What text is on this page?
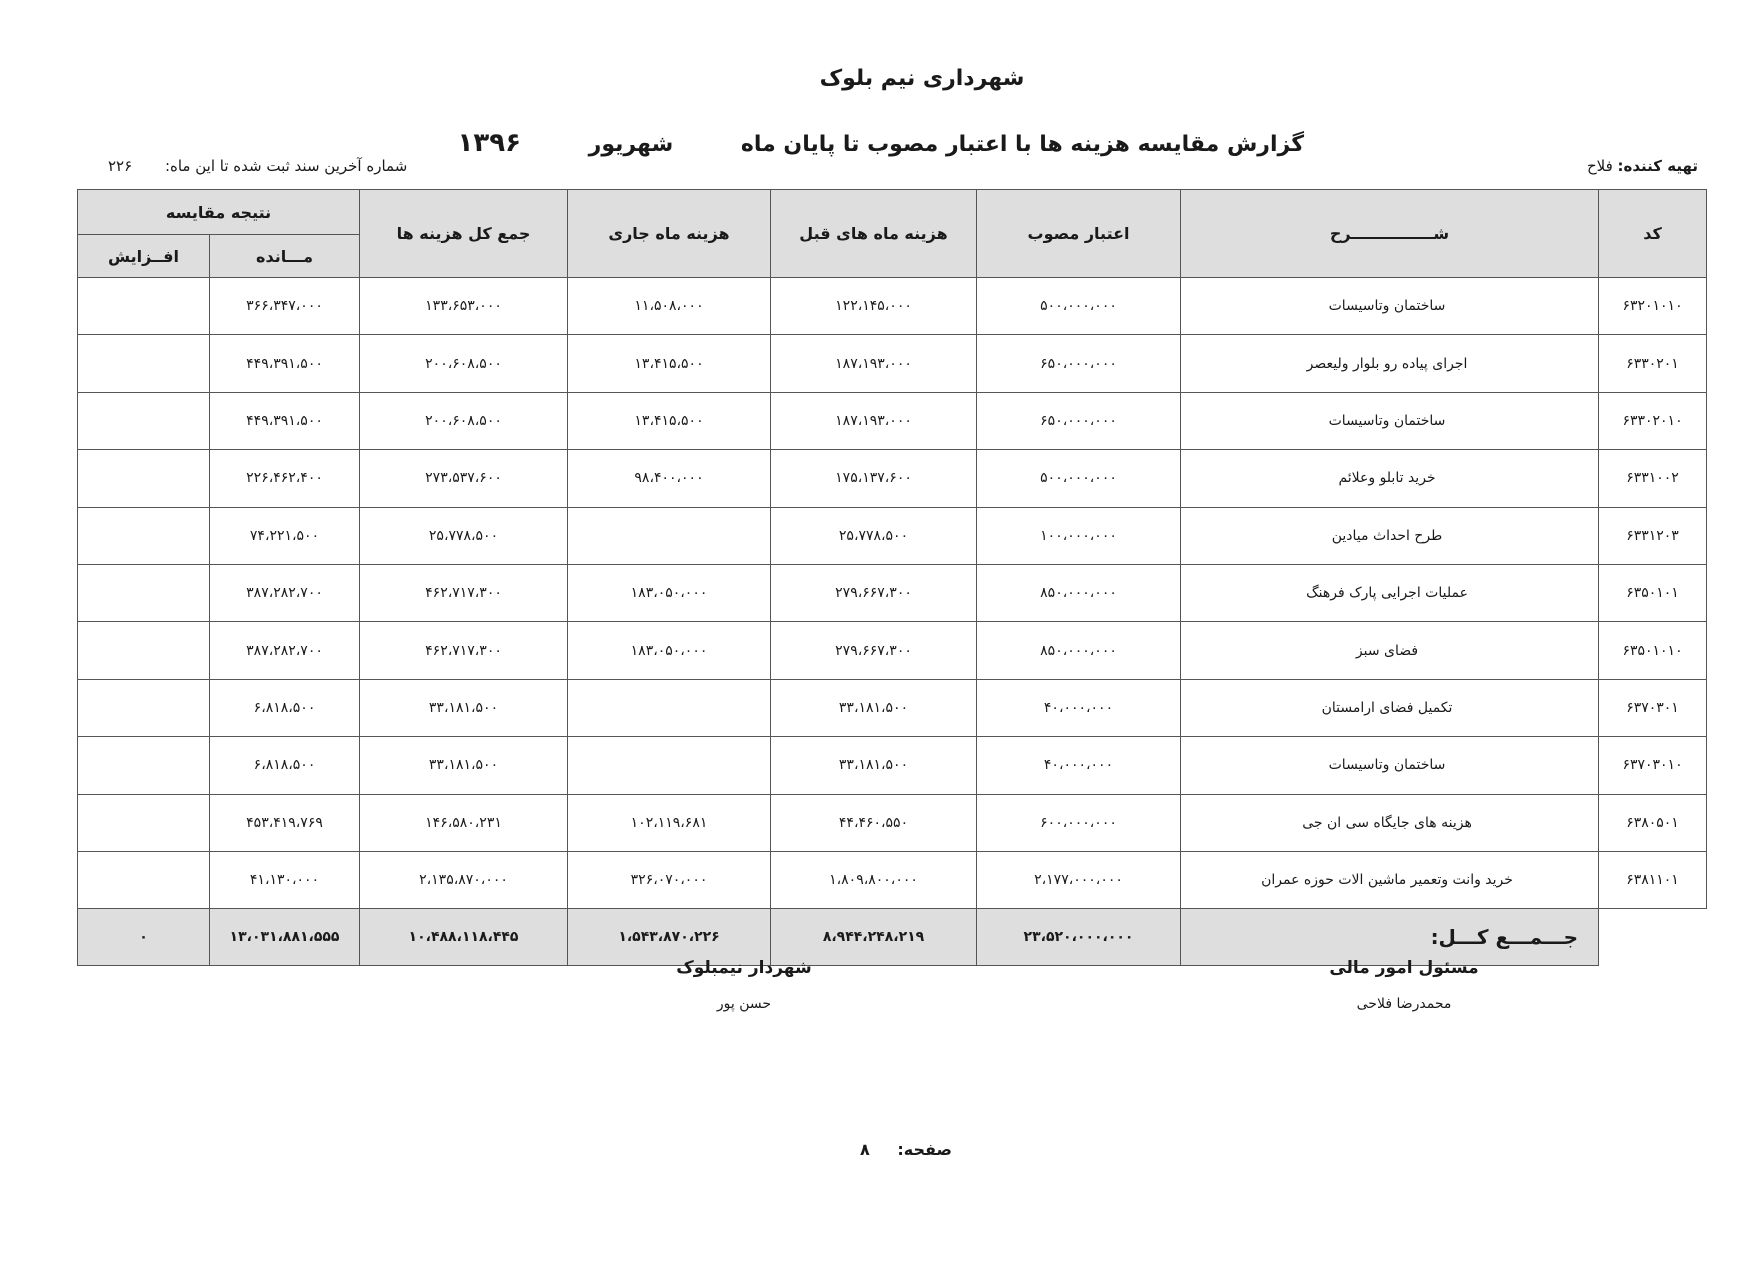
شهرداری نیم بلوک
گزارش مقایسه هزینه ها با اعتبار مصوب تا پایان ماه شهریور ۱۳۹۶
تهیه کننده: فلاح
شماره آخرین سند ثبت شده تا این ماه: ۲۲۶
کد	شـــــــــــــــرح	اعتبار مصوب	هزینه ماه های قبل	هزینه ماه جاری	جمع کل هزینه ها	نتیجه مقایسه	
						مـــانده	افــزایش
۶۳۲۰۱۰۱۰	ساختمان وتاسیسات	۵۰۰،۰۰۰،۰۰۰	۱۲۲،۱۴۵،۰۰۰	۱۱،۵۰۸،۰۰۰	۱۳۳،۶۵۳،۰۰۰	۳۶۶،۳۴۷،۰۰۰	
۶۳۳۰۲۰۱	اجرای پیاده رو بلوار ولیعصر	۶۵۰،۰۰۰،۰۰۰	۱۸۷،۱۹۳،۰۰۰	۱۳،۴۱۵،۵۰۰	۲۰۰،۶۰۸،۵۰۰	۴۴۹،۳۹۱،۵۰۰	
۶۳۳۰۲۰۱۰	ساختمان وتاسیسات	۶۵۰،۰۰۰،۰۰۰	۱۸۷،۱۹۳،۰۰۰	۱۳،۴۱۵،۵۰۰	۲۰۰،۶۰۸،۵۰۰	۴۴۹،۳۹۱،۵۰۰	
۶۳۳۱۰۰۲	خرید تابلو وعلائم	۵۰۰،۰۰۰،۰۰۰	۱۷۵،۱۳۷،۶۰۰	۹۸،۴۰۰،۰۰۰	۲۷۳،۵۳۷،۶۰۰	۲۲۶،۴۶۲،۴۰۰	
۶۳۳۱۲۰۳	طرح احداث میادین	۱۰۰،۰۰۰،۰۰۰	۲۵،۷۷۸،۵۰۰		۲۵،۷۷۸،۵۰۰	۷۴،۲۲۱،۵۰۰	
۶۳۵۰۱۰۱	عملیات اجرایی پارک فرهنگ	۸۵۰،۰۰۰،۰۰۰	۲۷۹،۶۶۷،۳۰۰	۱۸۳،۰۵۰،۰۰۰	۴۶۲،۷۱۷،۳۰۰	۳۸۷،۲۸۲،۷۰۰	
۶۳۵۰۱۰۱۰	فضای سبز	۸۵۰،۰۰۰،۰۰۰	۲۷۹،۶۶۷،۳۰۰	۱۸۳،۰۵۰،۰۰۰	۴۶۲،۷۱۷،۳۰۰	۳۸۷،۲۸۲،۷۰۰	
۶۳۷۰۳۰۱	تکمیل فضای ارامستان	۴۰،۰۰۰،۰۰۰	۳۳،۱۸۱،۵۰۰		۳۳،۱۸۱،۵۰۰	۶،۸۱۸،۵۰۰	
۶۳۷۰۳۰۱۰	ساختمان وتاسیسات	۴۰،۰۰۰،۰۰۰	۳۳،۱۸۱،۵۰۰		۳۳،۱۸۱،۵۰۰	۶،۸۱۸،۵۰۰	
۶۳۸۰۵۰۱	هزینه های جایگاه سی ان جی	۶۰۰،۰۰۰،۰۰۰	۴۴،۴۶۰،۵۵۰	۱۰۲،۱۱۹،۶۸۱	۱۴۶،۵۸۰،۲۳۱	۴۵۳،۴۱۹،۷۶۹	
۶۳۸۱۱۰۱	خرید وانت وتعمیر ماشین الات حوزه عمران	۲،۱۷۷،۰۰۰،۰۰۰	۱،۸۰۹،۸۰۰،۰۰۰	۳۲۶،۰۷۰،۰۰۰	۲،۱۳۵،۸۷۰،۰۰۰	۴۱،۱۳۰،۰۰۰	
	جـــمـــع کـــل:	۲۳،۵۲۰،۰۰۰،۰۰۰	۸،۹۴۴،۲۴۸،۲۱۹	۱،۵۴۳،۸۷۰،۲۲۶	۱۰،۴۸۸،۱۱۸،۴۴۵	۱۳،۰۳۱،۸۸۱،۵۵۵	۰
مسئول امور مالی
محمدرضا فلاحی
شهردار نیمبلوک
حسن پور
صفحه: ۸
